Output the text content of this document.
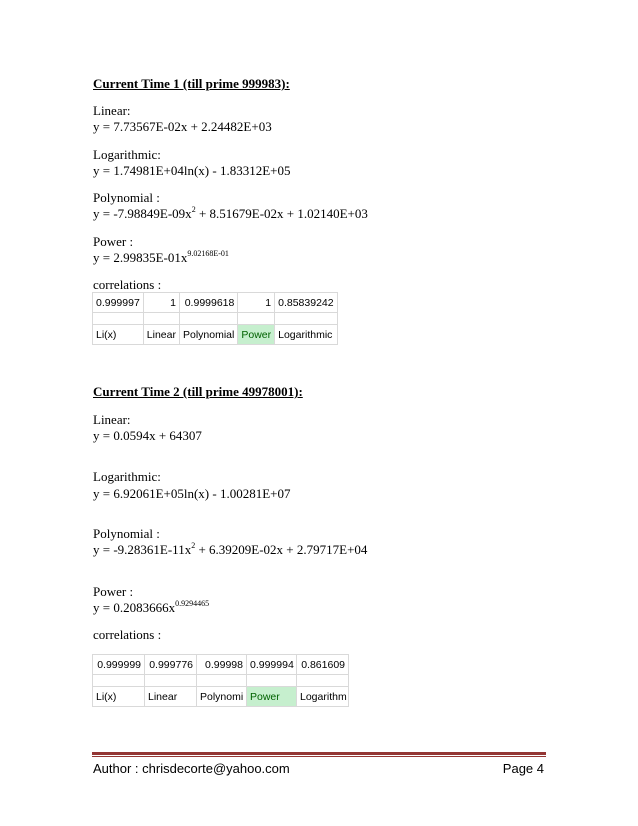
Current Time 1 (till prime 999983):
Linear:
y = 7.73567E-02x + 2.24482E+03
Logarithmic:
y = 1.74981E+04ln(x) - 1.83312E+05
Polynomial :
$y = -7.98849E-09x^2 + 8.51679E-02x + 1.02140E+03$
Power :
$y = 2.99835E-01x^{9.02168E-01}$
correlations :
0.999997	1	0.9999618	1	0.85839242

Li(x)	Linear	Polynomial	Power	Logarithmic
Current Time 2 (till prime 49978001):
Linear:
y = 0.0594x + 64307
Logarithmic:
y = 6.92061E+05ln(x) - 1.00281E+07
Polynomial :
$y = -9.28361E-11x^2 + 6.39209E-02x + 2.79717E+04$
Power :
$y = 0.2083666x^{0.9294465}$
correlations :
0.999999	0.999776	0.99998	0.999994	0.861609

Li(x)	Linear	Polynomi	Power	Logarithm
Author : chrisdecorte@yahoo.com	Page 4
